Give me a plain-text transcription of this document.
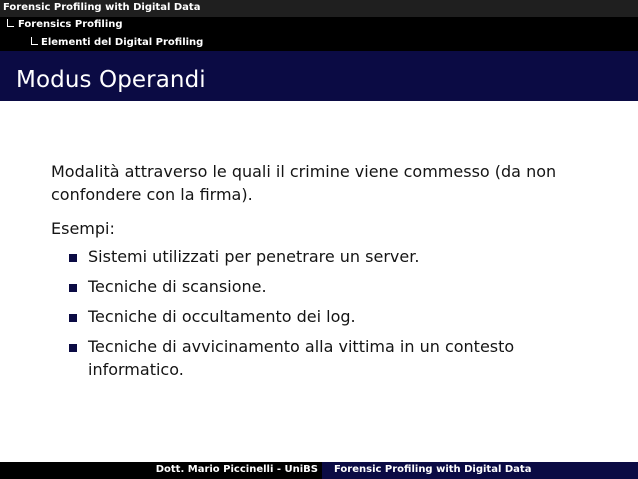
Forensic Profiling with Digital Data
Forensics Profiling
Elementi del Digital Profiling
Modus Operandi

Modalità attraverso le quali il crimine viene commesso (da non confondere con la firma).

Esempi:

Sistemi utilizzati per penetrare un server.
Tecniche di scansione.
Tecniche di occultamento dei log.
Tecniche di avvicinamento alla vittima in un contesto informatico.
Dott. Mario Piccinelli - UniBS	Forensic Profiling with Digital Data
